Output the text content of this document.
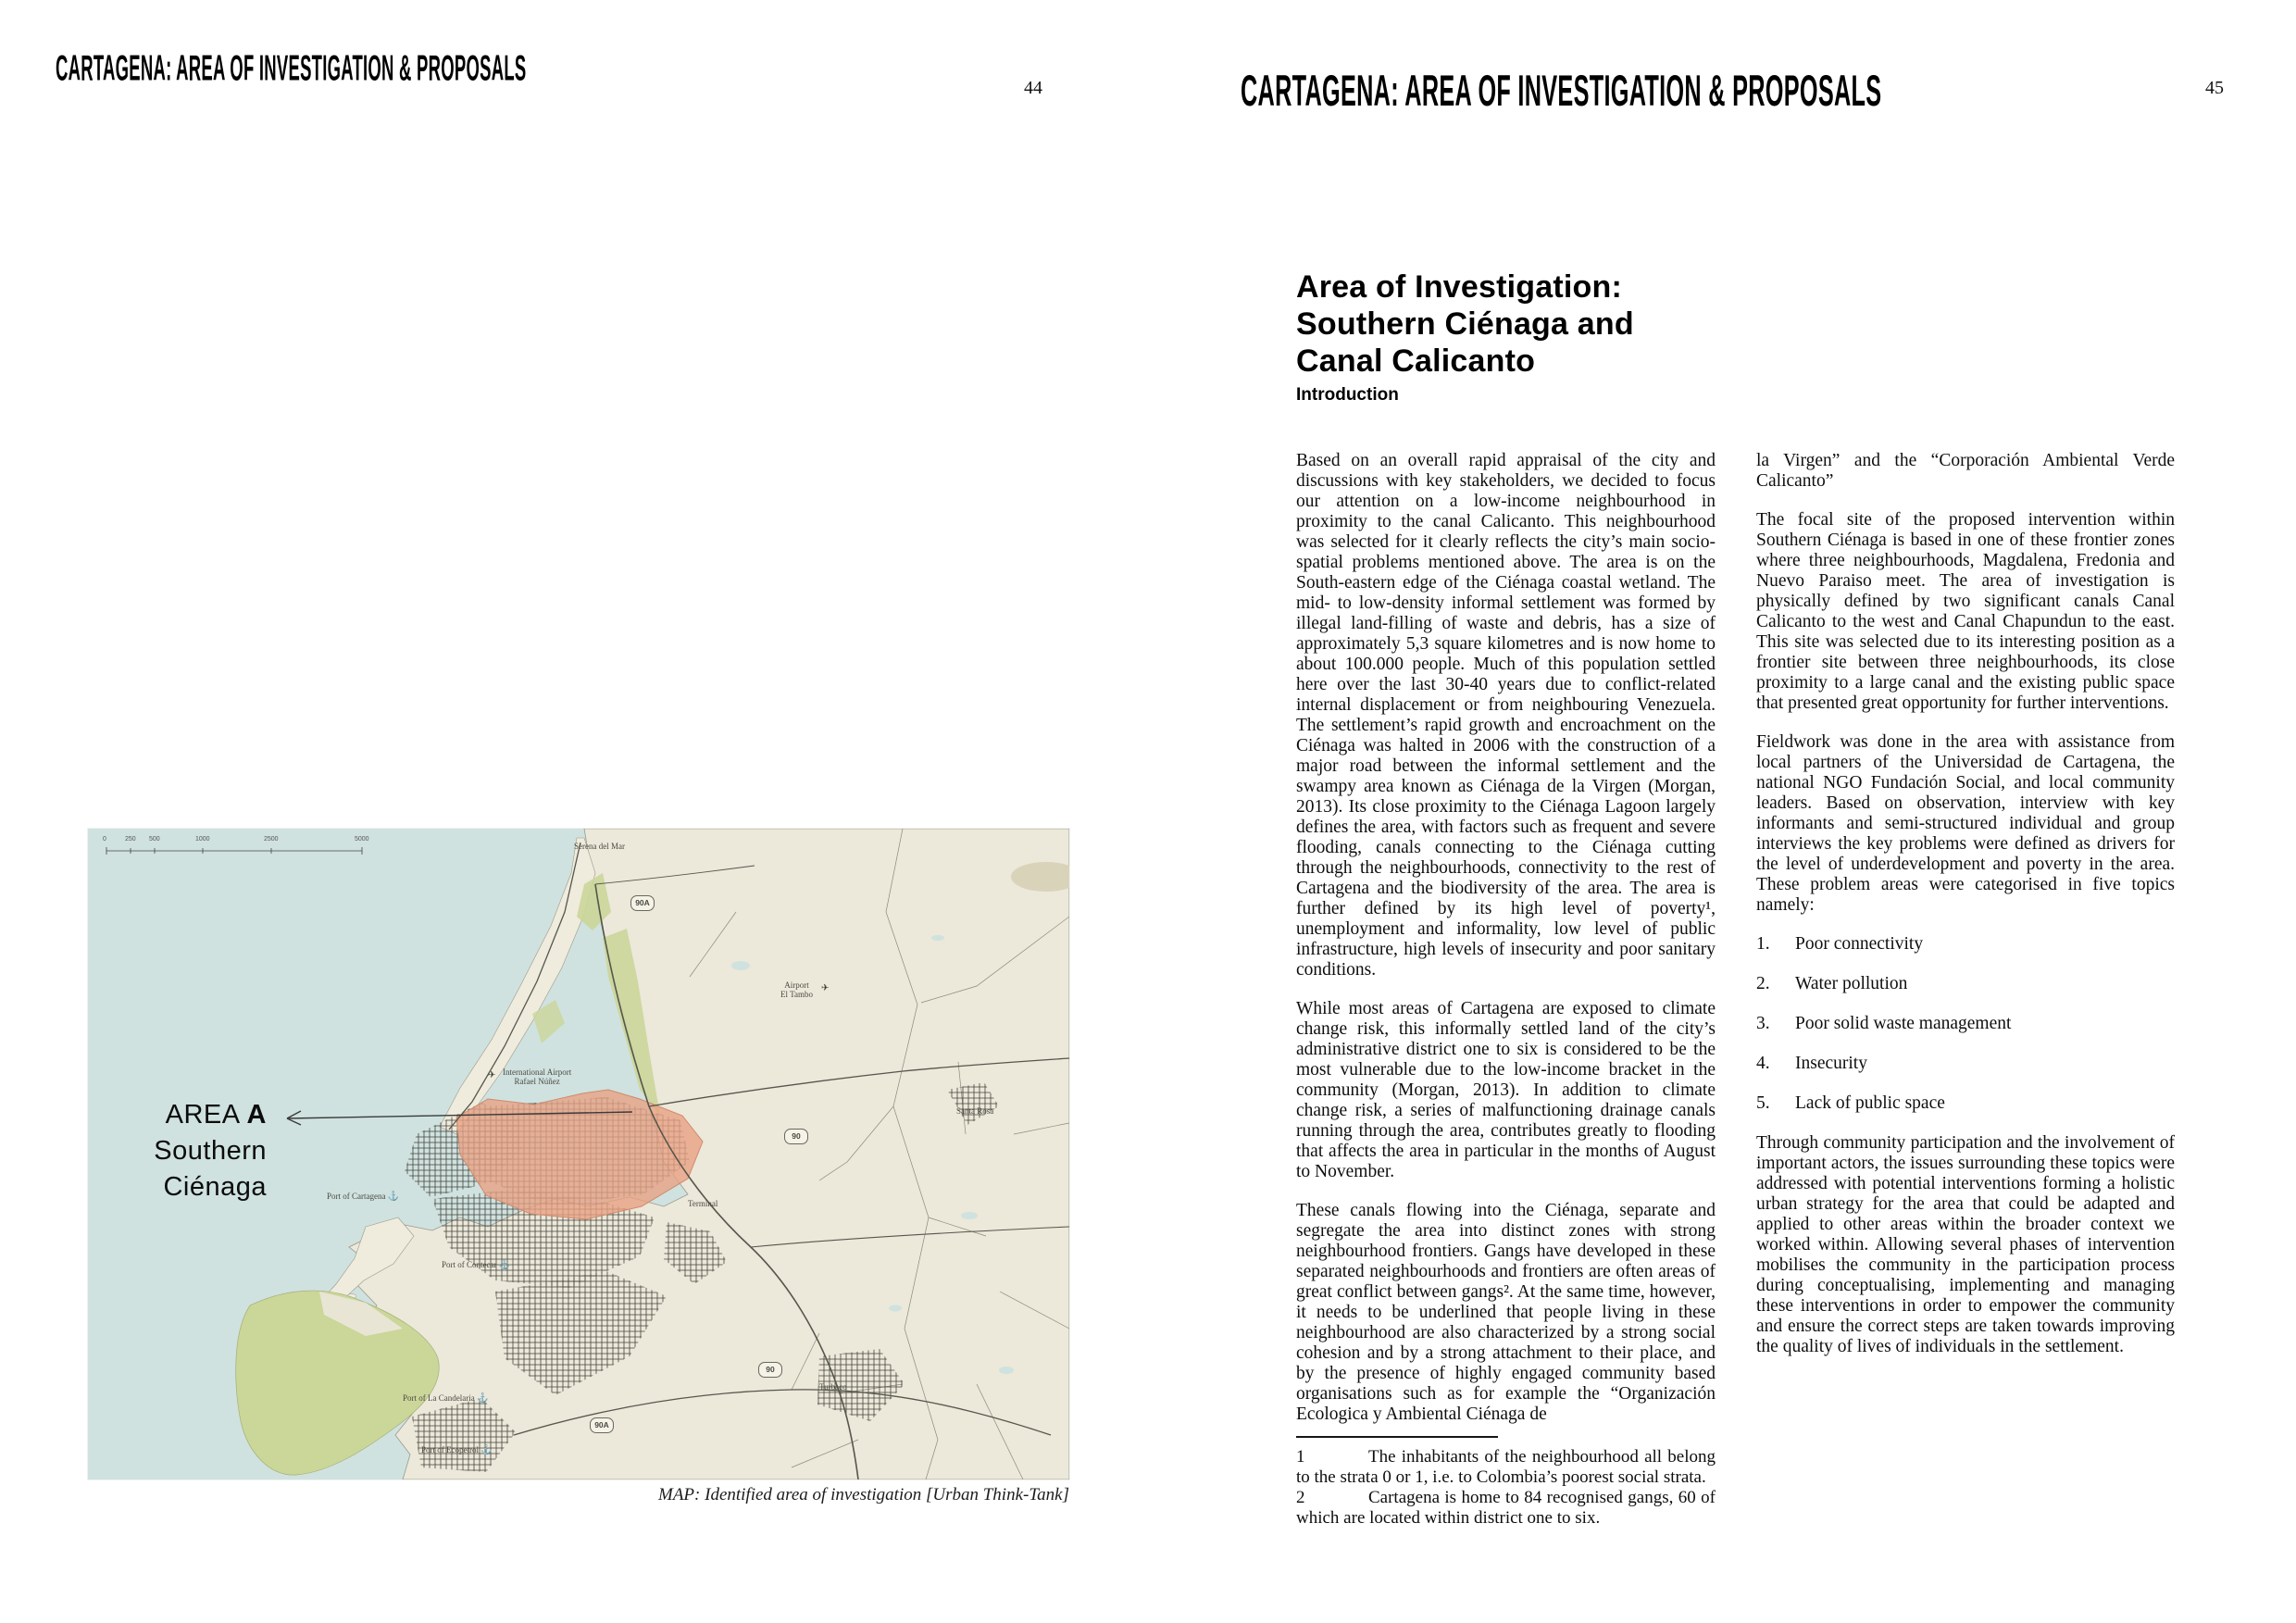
CARTAGENA: AREA OF INVESTIGATION & PROPOSALS	44
0	250 500	1000	2500	5000
Serena del Mar
Airport
El Tambo
✈
International Airport
Rafael Núñez
✈
Santa Rosa
Port of Cartagena ⚓
Terminal
Port of Contecar ⚓
Turbaco
Port of La Candelaria ⚓
Port of Ecopetrol ⚓
90A
90
90
90A
AREA A
Southern
Ciénaga
MAP: Identified area of investigation [Urban Think-Tank]
CARTAGENA: AREA OF INVESTIGATION & PROPOSALS	45
Area of Investigation:
Southern Ciénaga and
Canal Calicanto
Introduction

Based on an overall rapid appraisal of the city and discussions with key stakeholders, we decided to focus our attention on a low-income neighbourhood in proximity to the canal Calicanto. This neighbourhood was selected for it clearly reflects the city’s main socio-spatial problems mentioned above. The area is on the South-eastern edge of the Ciénaga coastal wetland. The mid- to low-density informal settlement was formed by illegal land-filling of waste and debris, has a size of approximately 5,3 square kilometres and is now home to about 100.000 people. Much of this population settled here over the last 30-40 years due to conflict-related internal displacement or from neighbouring Venezuela. The settlement’s rapid growth and encroachment on the Ciénaga was halted in 2006 with the construction of a major road between the informal settlement and the swampy area known as Ciénaga de la Virgen (Morgan, 2013). Its close proximity to the Ciénaga Lagoon largely defines the area, with factors such as frequent and severe flooding, canals connecting to the Ciénaga cutting through the neighbourhoods, connectivity to the rest of Cartagena and the biodiversity of the area. The area is further defined by its high level of poverty¹, unemployment and informality, low level of public infrastructure, high levels of insecurity and poor sanitary conditions.

While most areas of Cartagena are exposed to climate change risk, this informally settled land of the city’s administrative district one to six is considered to be the most vulnerable due to the low-income bracket in the community (Morgan, 2013). In addition to climate change risk, a series of malfunctioning drainage canals running through the area, contributes greatly to flooding that affects the area in particular in the months of August to November.

These canals flowing into the Ciénaga, separate and segregate the area into distinct zones with strong neighbourhood frontiers. Gangs have developed in these separated neighbourhoods and frontiers are often areas of great conflict between gangs². At the same time, however, it needs to be underlined that people living in these neighbourhood are also characterized by a strong social cohesion and by a strong attachment to their place, and by the presence of highly engaged community based organisations such as for example the “Organización Ecologica y Ambiental Ciénaga de

1	The inhabitants of the neighbourhood all belong to the strata 0 or 1, i.e. to Colombia’s poorest social strata.
2	Cartagena is home to 84 recognised gangs, 60 of which are located within district one to six.

la Virgen” and the “Corporación Ambiental Verde Calicanto”

The focal site of the proposed intervention within Southern Ciénaga is based in one of these frontier zones where three neighbourhoods, Magdalena, Fredonia and Nuevo Paraiso meet. The area of investigation is physically defined by two significant canals Canal Calicanto to the west and Canal Chapundun to the east. This site was selected due to its interesting position as a frontier site between three neighbourhoods, its close proximity to a large canal and the existing public space that presented great opportunity for further interventions.

Fieldwork was done in the area with assistance from local partners of the Universidad de Cartagena, the national NGO Fundación Social, and local community leaders. Based on observation, interview with key informants and semi-structured individual and group interviews the key problems were defined as drivers for the level of underdevelopment and poverty in the area. These problem areas were categorised in five topics namely:

1. Poor connectivity
2. Water pollution
3. Poor solid waste management
4. Insecurity
5. Lack of public space

Through community participation and the involvement of important actors, the issues surrounding these topics were addressed with potential interventions forming a holistic urban strategy for the area that could be adapted and applied to other areas within the broader context we worked within. Allowing several phases of intervention mobilises the community in the participation process during conceptualising, implementing and managing these interventions in order to empower the community and ensure the correct steps are taken towards improving the quality of lives of individuals in the settlement.
